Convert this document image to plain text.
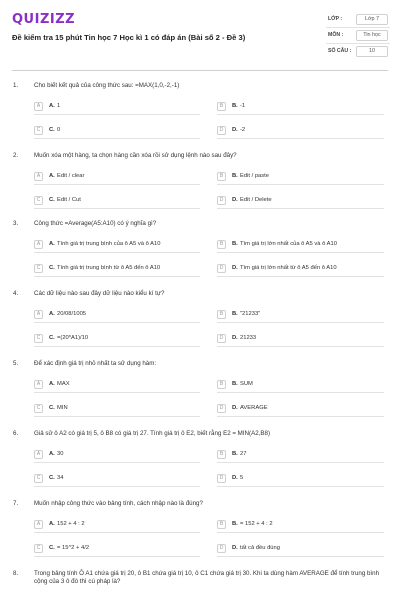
QUIZIZZ
Đề kiểm tra 15 phút Tin học 7 Học kì 1 có đáp án (Bài số 2 - Đề 3)
LỚP :	Lớp 7
MÔN :	Tin học
SỐ CÂU :	10
1.	Cho biết kết quả của công thức sau: =MAX(1,0,-2,-1)
A	A. 1	B	B. -1
C	C. 0	D	D. -2
2.	Muốn xóa một hàng, ta chọn hàng cần xóa rồi sử dụng lệnh nào sau đây?
A	A. Edit / clear	B	B. Edit / paste
C	C. Edit / Cut	D	D. Edit / Delete
3.	Công thức =Average(A5:A10) có ý nghĩa gì?
A	A. Tính giá trị trung bình của ô A5 và ô A10	B	B. Tìm giá trị lớn nhất của ô A5 và ô A10
C	C. Tính giá trị trung bình từ ô A5 đến ô A10	D	D. Tìm giá trị lớn nhất từ ô A5 đến ô A10
4.	Các dữ liệu nào sau đây dữ liệu nào kiểu kí tự?
A	A. 20/08/1005	B	B. "21233"
C	C. =(20*A1)/10	D	D. 21233
5.	Để xác định giá trị nhỏ nhất ta sử dụng hàm:
A	A. MAX	B	B. SUM
C	C. MIN	D	D. AVERAGE
6.	Giả sử ô A2 có giá trị 5, ô B8 có giá trị 27. Tính giá trị ô E2, biết rằng E2 = MIN(A2,B8)
A	A. 30	B	B. 27
C	C. 34	D	D. 5
7.	Muốn nhập công thức vào bảng tính, cách nhập nào là đúng?
A	A. 152 + 4 : 2	B	B. = 152 + 4 : 2
C	C. = 15^2 + 4/2	D	D. tất cả đều đúng
8.	Trong bảng tính Ô A1 chứa giá trị 20, ô B1 chứa giá trị 10, ô C1 chứa giá trị 30. Khi ta dùng hàm AVERAGE để tính trung bình cộng của 3 ô đó thì cú pháp là?
